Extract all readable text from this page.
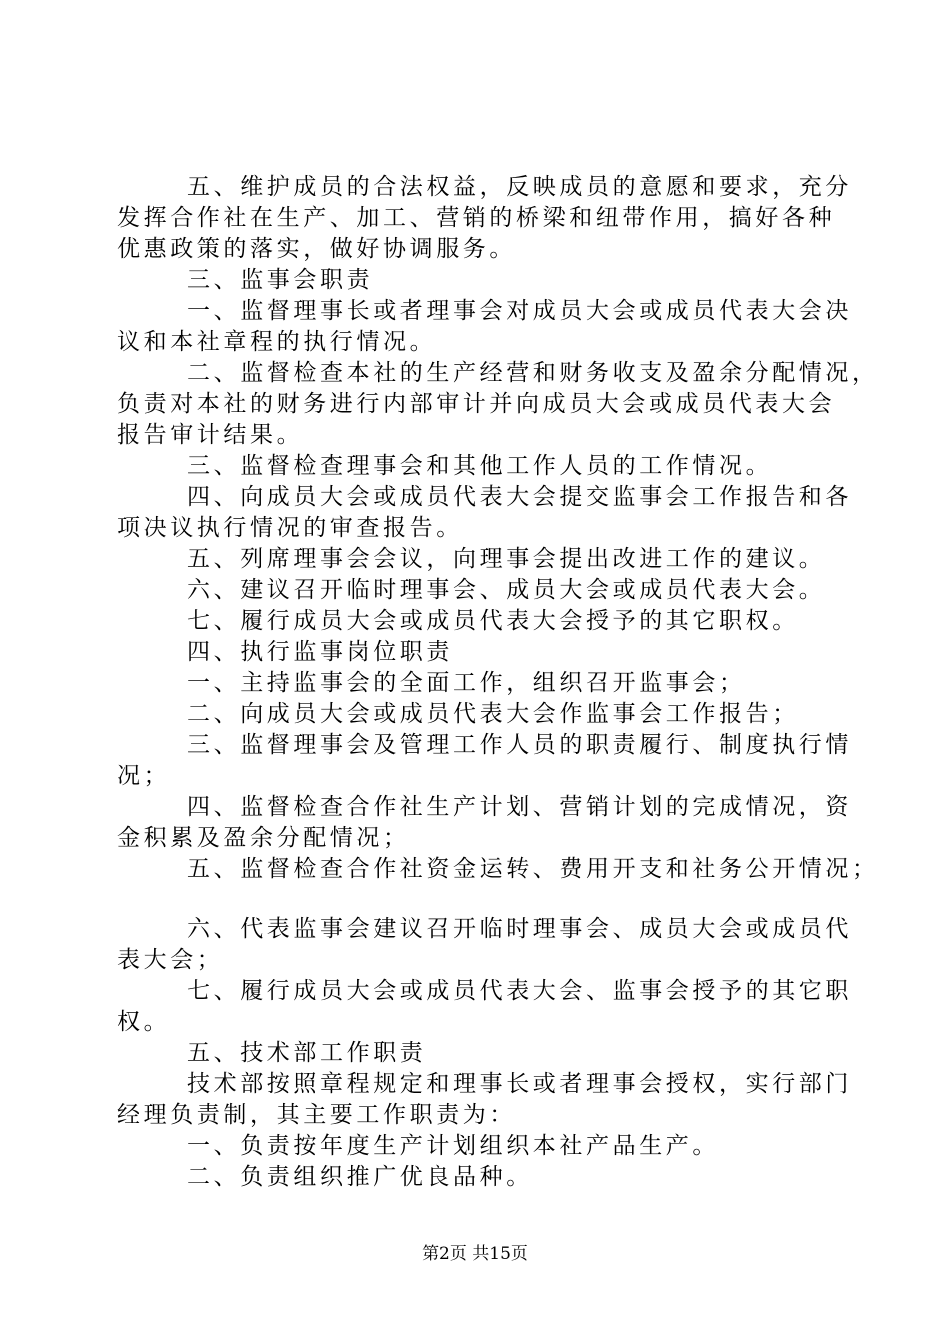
五、维护成员的合法权益，反映成员的意愿和要求，充分
发挥合作社在生产、加工、营销的桥梁和纽带作用，搞好各种
优惠政策的落实，做好协调服务。
三、监事会职责
一、监督理事长或者理事会对成员大会或成员代表大会决
议和本社章程的执行情况。
二、监督检查本社的生产经营和财务收支及盈余分配情况，
负责对本社的财务进行内部审计并向成员大会或成员代表大会
报告审计结果。
三、监督检查理事会和其他工作人员的工作情况。
四、向成员大会或成员代表大会提交监事会工作报告和各
项决议执行情况的审查报告。
五、列席理事会会议，向理事会提出改进工作的建议。
六、建议召开临时理事会、成员大会或成员代表大会。
七、履行成员大会或成员代表大会授予的其它职权。
四、执行监事岗位职责
一、主持监事会的全面工作，组织召开监事会；
二、向成员大会或成员代表大会作监事会工作报告；
三、监督理事会及管理工作人员的职责履行、制度执行情
况；
四、监督检查合作社生产计划、营销计划的完成情况，资
金积累及盈余分配情况；
五、监督检查合作社资金运转、费用开支和社务公开情况；
六、代表监事会建议召开临时理事会、成员大会或成员代
表大会；
七、履行成员大会或成员代表大会、监事会授予的其它职
权。
五、技术部工作职责
技术部按照章程规定和理事长或者理事会授权，实行部门
经理负责制，其主要工作职责为：
一、负责按年度生产计划组织本社产品生产。
二、负责组织推广优良品种。
第2页 共15页
